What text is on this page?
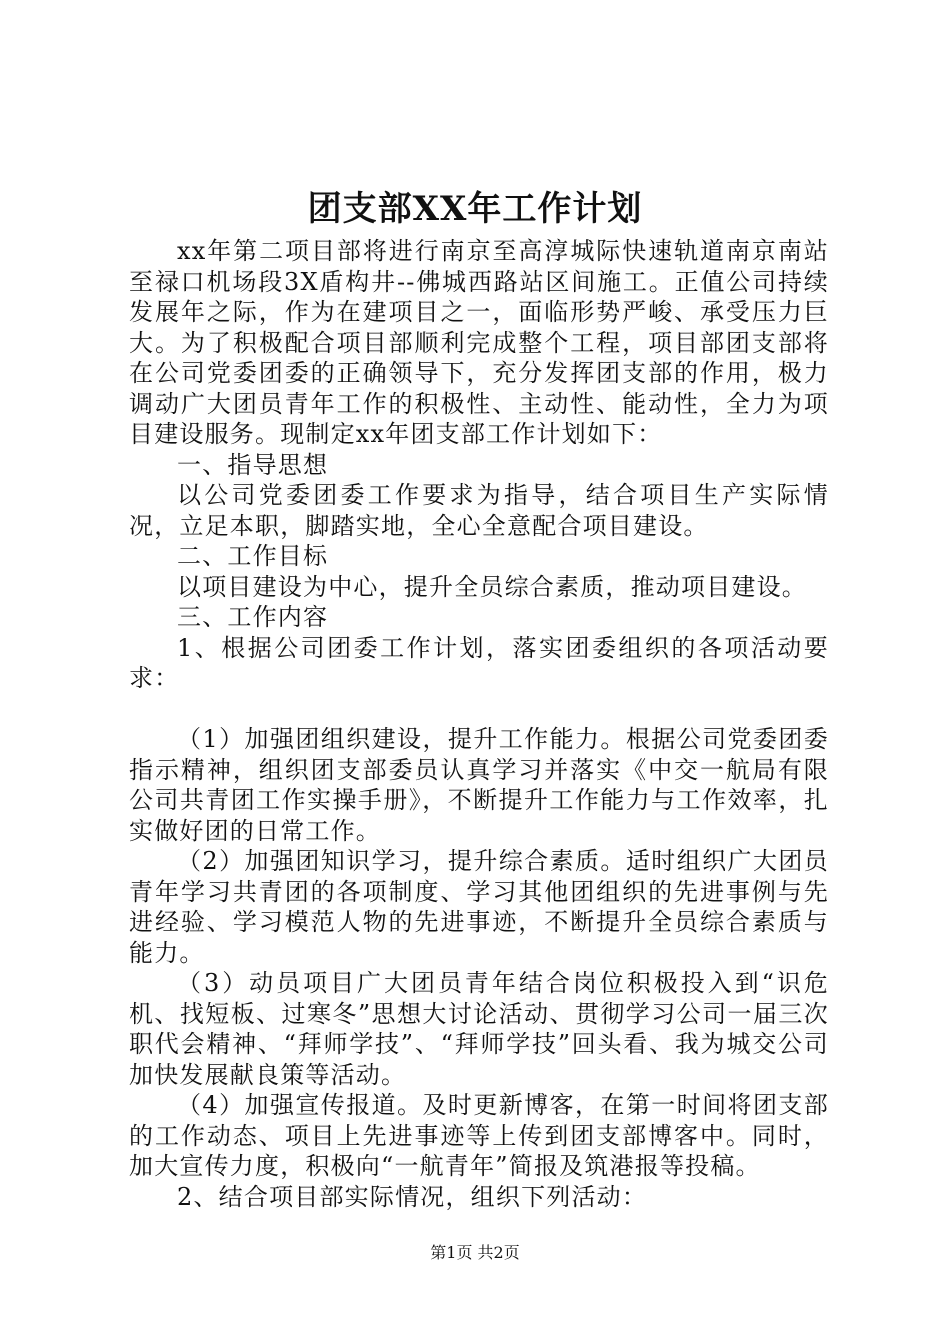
团支部XX年工作计划

xx年第二项目部将进行南京至高淳城际快速轨道南京南站至禄口机场段3X盾构井--佛城西路站区间施工。正值公司持续发展年之际，作为在建项目之一，面临形势严峻、承受压力巨大。为了积极配合项目部顺利完成整个工程，项目部团支部将在公司党委团委的正确领导下，充分发挥团支部的作用，极力调动广大团员青年工作的积极性、主动性、能动性，全力为项目建设服务。现制定xx年团支部工作计划如下：

一、指导思想

以公司党委团委工作要求为指导，结合项目生产实际情况，立足本职，脚踏实地，全心全意配合项目建设。

二、工作目标

以项目建设为中心，提升全员综合素质，推动项目建设。

三、工作内容

1、根据公司团委工作计划，落实团委组织的各项活动要求：

（1）加强团组织建设，提升工作能力。根据公司党委团委指示精神，组织团支部委员认真学习并落实《中交一航局有限公司共青团工作实操手册》，不断提升工作能力与工作效率，扎实做好团的日常工作。

（2）加强团知识学习，提升综合素质。适时组织广大团员青年学习共青团的各项制度、学习其他团组织的先进事例与先进经验、学习模范人物的先进事迹，不断提升全员综合素质与能力。

（3）动员项目广大团员青年结合岗位积极投入到“识危机、找短板、过寒冬”思想大讨论活动、贯彻学习公司一届三次职代会精神、“拜师学技”、“拜师学技”回头看、我为城交公司加快发展献良策等活动。

（4）加强宣传报道。及时更新博客，在第一时间将团支部的工作动态、项目上先进事迹等上传到团支部博客中。同时，加大宣传力度，积极向“一航青年”简报及筑港报等投稿。

2、结合项目部实际情况，组织下列活动：

第1页 共2页
